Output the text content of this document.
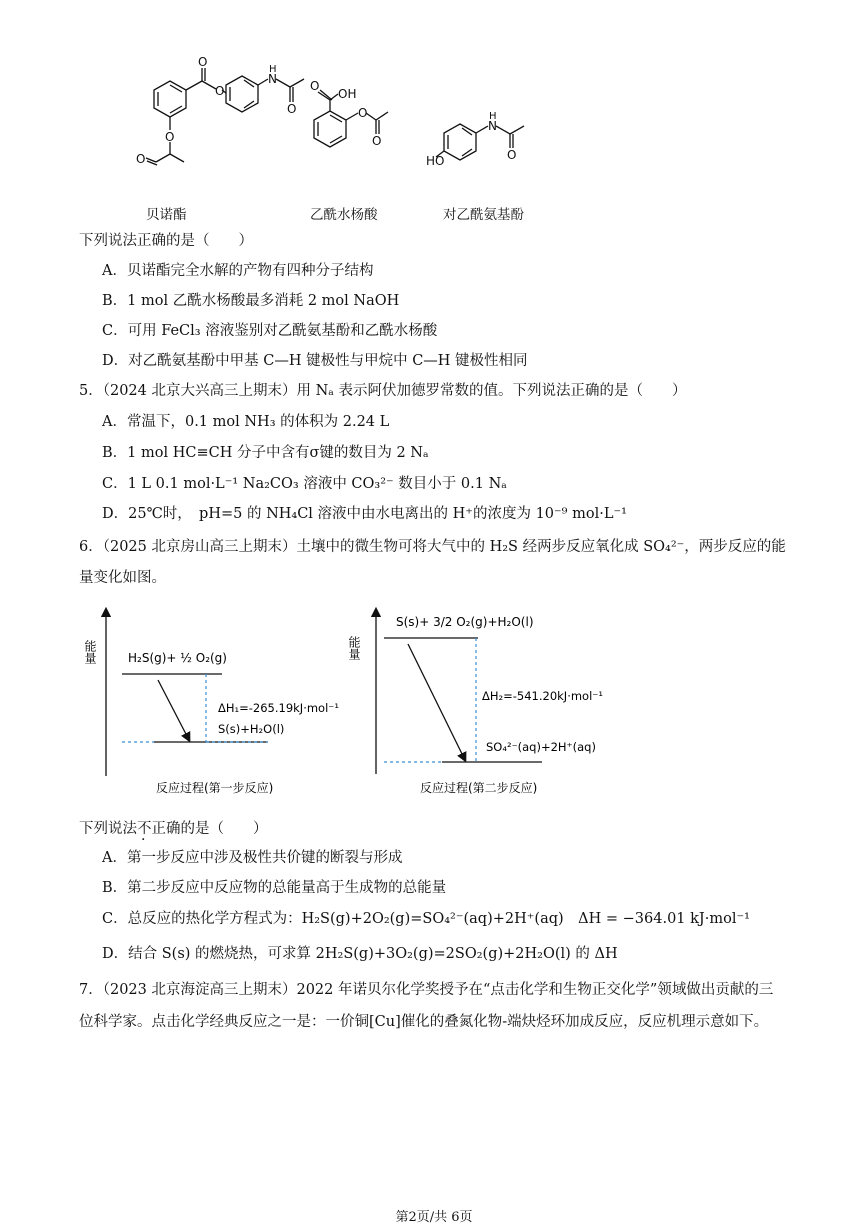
O
O
N
H
O
O
O
O
OH
O
O
HO
N
H
O
贝诺酯	乙酰水杨酸	对乙酰氨基酚
下列说法正确的是（　　）
A．贝诺酯完全水解的产物有四种分子结构
B．1 mol 乙酰水杨酸最多消耗 2 mol NaOH
C．可用 FeCl₃ 溶液鉴别对乙酰氨基酚和乙酰水杨酸
D．对乙酰氨基酚中甲基 C—H 键极性与甲烷中 C—H 键极性相同
5．（2024 北京大兴高三上期末）用 Nₐ 表示阿伏加德罗常数的值。下列说法正确的是（　　）
A．常温下，0.1 mol NH₃ 的体积为 2.24 L
B．1 mol HC≡CH 分子中含有σ键的数目为 2 Nₐ
C．1 L 0.1 mol·L⁻¹ Na₂CO₃ 溶液中 CO₃²⁻ 数目小于 0.1 Nₐ
D．25℃时，　pH=5 的 NH₄Cl 溶液中由水电离出的 H⁺的浓度为 10⁻⁹ mol·L⁻¹
6．（2025 北京房山高三上期末）土壤中的微生物可将大气中的 H₂S 经两步反应氧化成 SO₄²⁻，两步反应的能
量变化如图。
能量	H₂S(g)+ ½ O₂(g)
ΔH₁=-265.19kJ·mol⁻¹
S(s)+H₂O(l)
反应过程(第一步反应)
能量
S(s)+ 3/2 O₂(g)+H₂O(l)
ΔH₂=-541.20kJ·mol⁻¹
SO₄²⁻(aq)+2H⁺(aq)
反应过程(第二步反应)
下列说法不正确的是（　　）
A．第一步反应中涉及极性共价键的断裂与形成
B．第二步反应中反应物的总能量高于生成物的总能量
C．总反应的热化学方程式为：H₂S(g)+2O₂(g)=SO₄²⁻(aq)+2H⁺(aq)　ΔH = −364.01 kJ·mol⁻¹
D．结合 S(s) 的燃烧热，可求算 2H₂S(g)+3O₂(g)=2SO₂(g)+2H₂O(l) 的 ΔH
7．（2023 北京海淀高三上期末）2022 年诺贝尔化学奖授予在“点击化学和生物正交化学”领域做出贡献的三
位科学家。点击化学经典反应之一是：一价铜[Cu]催化的叠氮化物-端炔烃环加成反应，反应机理示意如下。
第2页/共 6页
